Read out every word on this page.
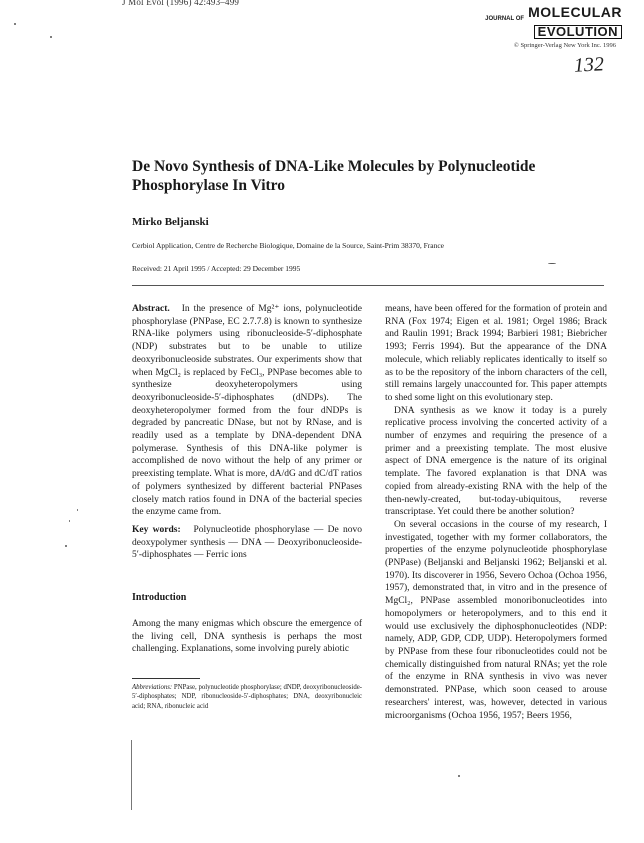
J Mol Evol (1996) 42:493–499
JOURNAL OF MOLECULAR
EVOLUTION
© Springer-Verlag New York Inc. 1996
132
De Novo Synthesis of DNA-Like Molecules by Polynucleotide Phosphorylase In Vitro
Mirko Beljanski
Cerbiol Application, Centre de Recherche Biologique, Domaine de la Source, Saint-Prim 38370, France
Received: 21 April 1995 / Accepted: 29 December 1995

Abstract. In the presence of Mg²⁺ ions, polynucleotide phosphorylase (PNPase, EC 2.7.7.8) is known to synthesize RNA-like polymers using ribonucleoside-5′-diphosphate (NDP) substrates but to be unable to utilize deoxyribonucleoside substrates. Our experiments show that when MgCl₂ is replaced by FeCl₃, PNPase becomes able to synthesize deoxyheteropolymers using deoxyribonucleoside-5′-diphosphates (dNDPs). The deoxyheteropolymer formed from the four dNDPs is degraded by pancreatic DNase, but not by RNase, and is readily used as a template by DNA-dependent DNA polymerase. Synthesis of this DNA-like polymer is accomplished de novo without the help of any primer or preexisting template. What is more, dA/dG and dC/dT ratios of polymers synthesized by different bacterial PNPases closely match ratios found in DNA of the bacterial species the enzyme came from.

Key words: Polynucleotide phosphorylase — De novo deoxypolymer synthesis — DNA — Deoxyribonucleoside-5′-diphosphates — Ferric ions

Introduction

Among the many enigmas which obscure the emergence of the living cell, DNA synthesis is perhaps the most challenging. Explanations, some involving purely abiotic

Abbreviations: PNPase, polynucleotide phosphorylase; dNDP, deoxyribonucleoside-5′-diphosphates; NDP, ribonucleoside-5′-diphosphates; DNA, deoxyribonucleic acid; RNA, ribonucleic acid

means, have been offered for the formation of protein and RNA (Fox 1974; Eigen et al. 1981; Orgel 1986; Brack and Raulin 1991; Brack 1994; Barbieri 1981; Biebricher 1993; Ferris 1994). But the appearance of the DNA molecule, which reliably replicates identically to itself so as to be the repository of the inborn characters of the cell, still remains largely unaccounted for. This paper attempts to shed some light on this evolutionary step.

DNA synthesis as we know it today is a purely replicative process involving the concerted activity of a number of enzymes and requiring the presence of a primer and a preexisting template. The most elusive aspect of DNA emergence is the nature of its original template. The favored explanation is that DNA was copied from already-existing RNA with the help of the then-newly-created, but-today-ubiquitous, reverse transcriptase. Yet could there be another solution?

On several occasions in the course of my research, I investigated, together with my former collaborators, the properties of the enzyme polynucleotide phosphorylase (PNPase) (Beljanski and Beljanski 1962; Beljanski et al. 1970). Its discoverer in 1956, Severo Ochoa (Ochoa 1956, 1957), demonstrated that, in vitro and in the presence of MgCl₂, PNPase assembled monoribonucleotides into homopolymers or heteropolymers, and to this end it would use exclusively the diphosphonucleotides (NDP: namely, ADP, GDP, CDP, UDP). Heteropolymers formed by PNPase from these four ribonucleotides could not be chemically distinguished from natural RNAs; yet the role of the enzyme in RNA synthesis in vivo was never demonstrated. PNPase, which soon ceased to arouse researchers' interest, was, however, detected in various microorganisms (Ochoa 1956, 1957; Beers 1956,
